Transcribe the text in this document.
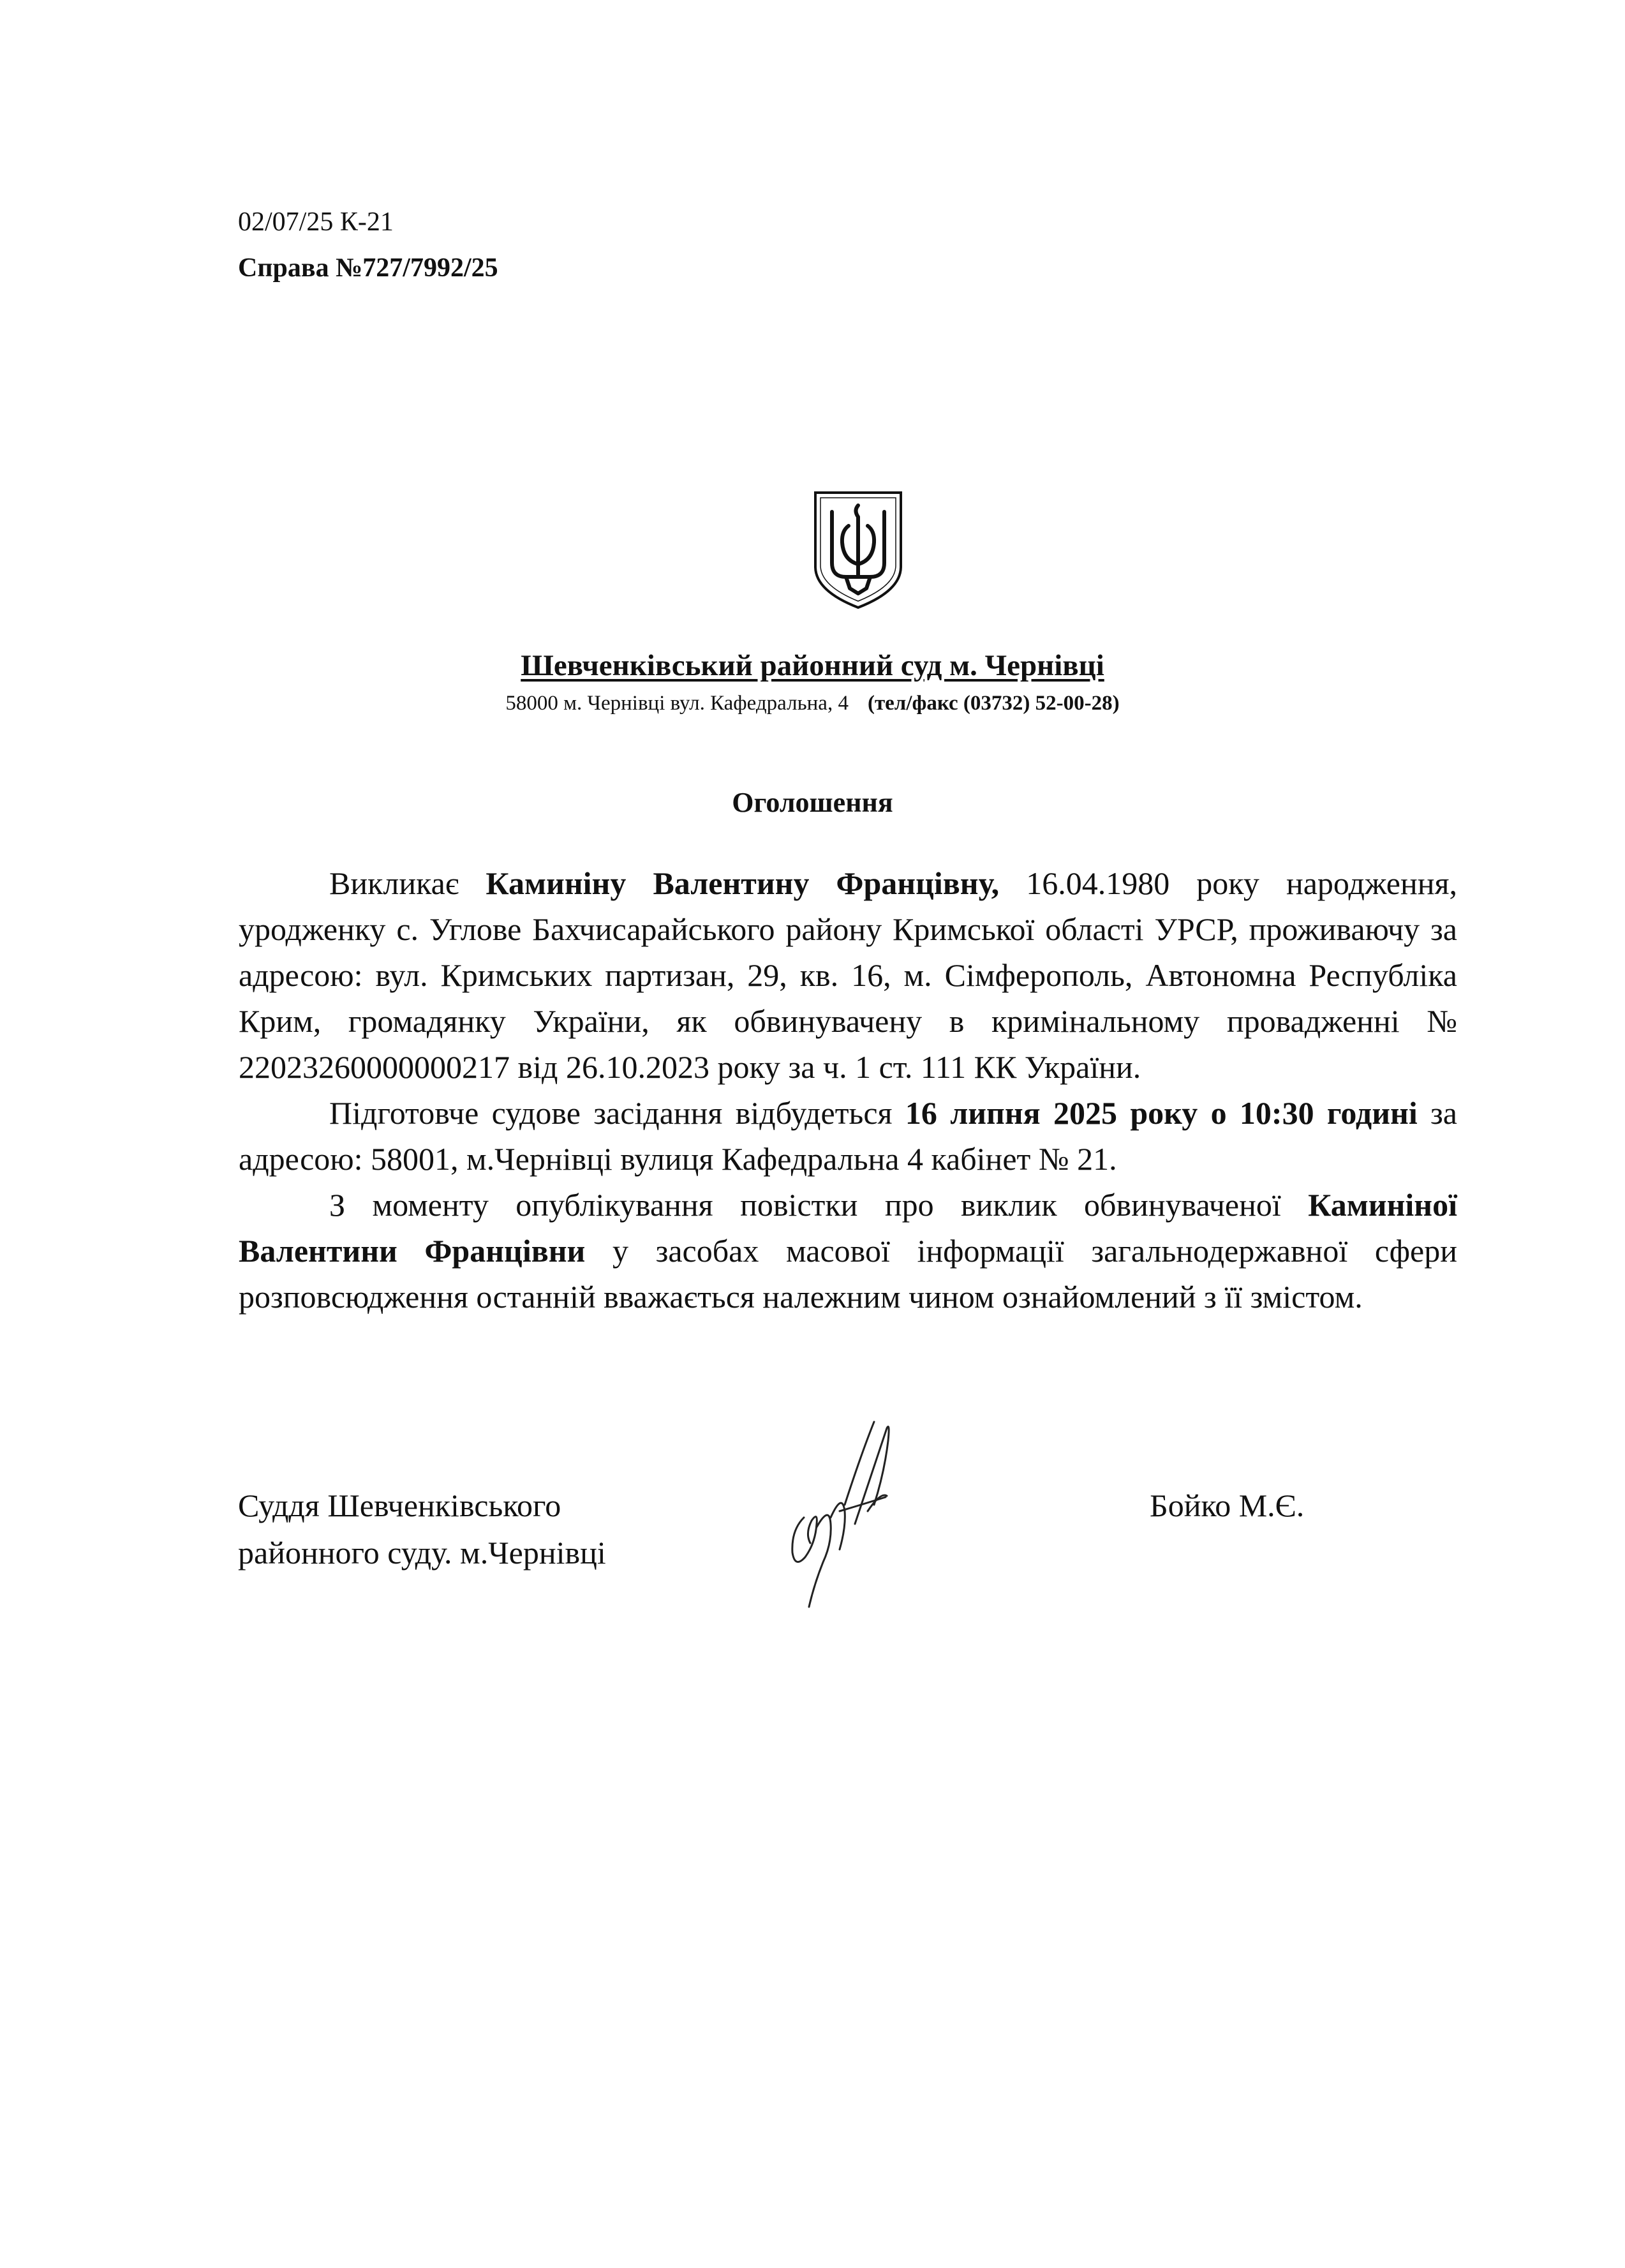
02/07/25 К-21
Справа №727/7992/25
Шевченківський районний суд м. Чернівці
58000 м. Чернівці вул. Кафедральна, 4 (тел/факс (03732) 52-00-28)
Оголошення

Викликає Каминіну Валентину Францівну, 16.04.1980 року народження, уродженку с. Углове Бахчисарайського району Кримської області УРСР, проживаючу за адресою: вул. Кримських партизан, 29, кв. 16, м. Сімферополь, Автономна Республіка Крим, громадянку України, як обвинувачену в кримінальному провадженні № 22023260000000217 від 26.10.2023 року за ч. 1 ст. 111 КК України.

Підготовче судове засідання відбудеться 16 липня 2025 року о 10:30 годині за адресою: 58001, м.Чернівці вулиця Кафедральна 4 кабінет № 21.

З моменту опублікування повістки про виклик обвинуваченої Каминіної Валентини Францівни у засобах масової інформації загальнодержавної сфери розповсюдження останній вважається належним чином ознайомлений з її змістом.

Суддя Шевченківського
районного суду. м.Чернівці
Бойко М.Є.
